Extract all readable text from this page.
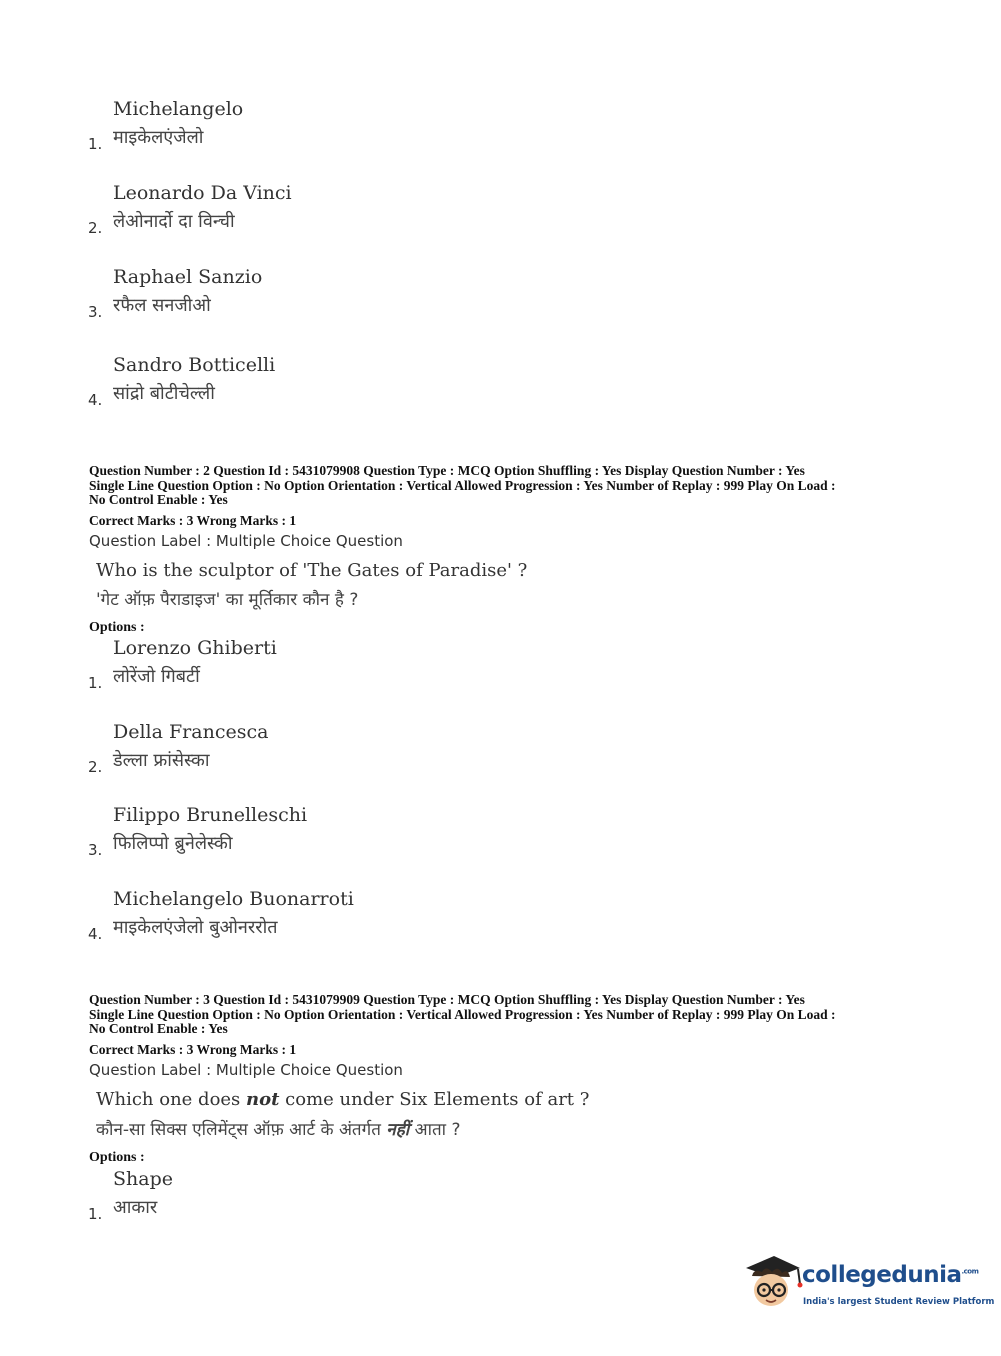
Michelangelo
माइकेलएंजेलो
1.
Leonardo Da Vinci
लेओनार्दो दा विन्ची
2.
Raphael Sanzio
रफैल सनजीओ
3.
Sandro Botticelli
सांद्रो बोटीचेल्ली
4.
Question Number : 2 Question Id : 5431079908 Question Type : MCQ Option Shuffling : Yes Display Question Number : Yes
Single Line Question Option : No Option Orientation : Vertical Allowed Progression : Yes Number of Replay : 999 Play On Load :
No Control Enable : Yes
Correct Marks : 3 Wrong Marks : 1
Question Label : Multiple Choice Question
Who is the sculptor of 'The Gates of Paradise' ?
'गेट ऑफ़ पैराडाइज' का मूर्तिकार कौन है ?
Options :
Lorenzo Ghiberti
लोरेंजो गिबर्टी
1.
Della Francesca
डेल्ला फ्रांसेस्का
2.
Filippo Brunelleschi
फिलिप्पो ब्रुनेलेस्की
3.
Michelangelo Buonarroti
माइकेलएंजेलो बुओनररोत
4.
Question Number : 3 Question Id : 5431079909 Question Type : MCQ Option Shuffling : Yes Display Question Number : Yes
Single Line Question Option : No Option Orientation : Vertical Allowed Progression : Yes Number of Replay : 999 Play On Load :
No Control Enable : Yes
Correct Marks : 3 Wrong Marks : 1
Question Label : Multiple Choice Question
Which one does not come under Six Elements of art ?
कौन-सा सिक्स एलिमेंट्स ऑफ़ आर्ट के अंतर्गत नहीं आता ?
Options :
Shape
आकार
1.
collegedunia$^{.com}$
India's largest Student Review Platform
